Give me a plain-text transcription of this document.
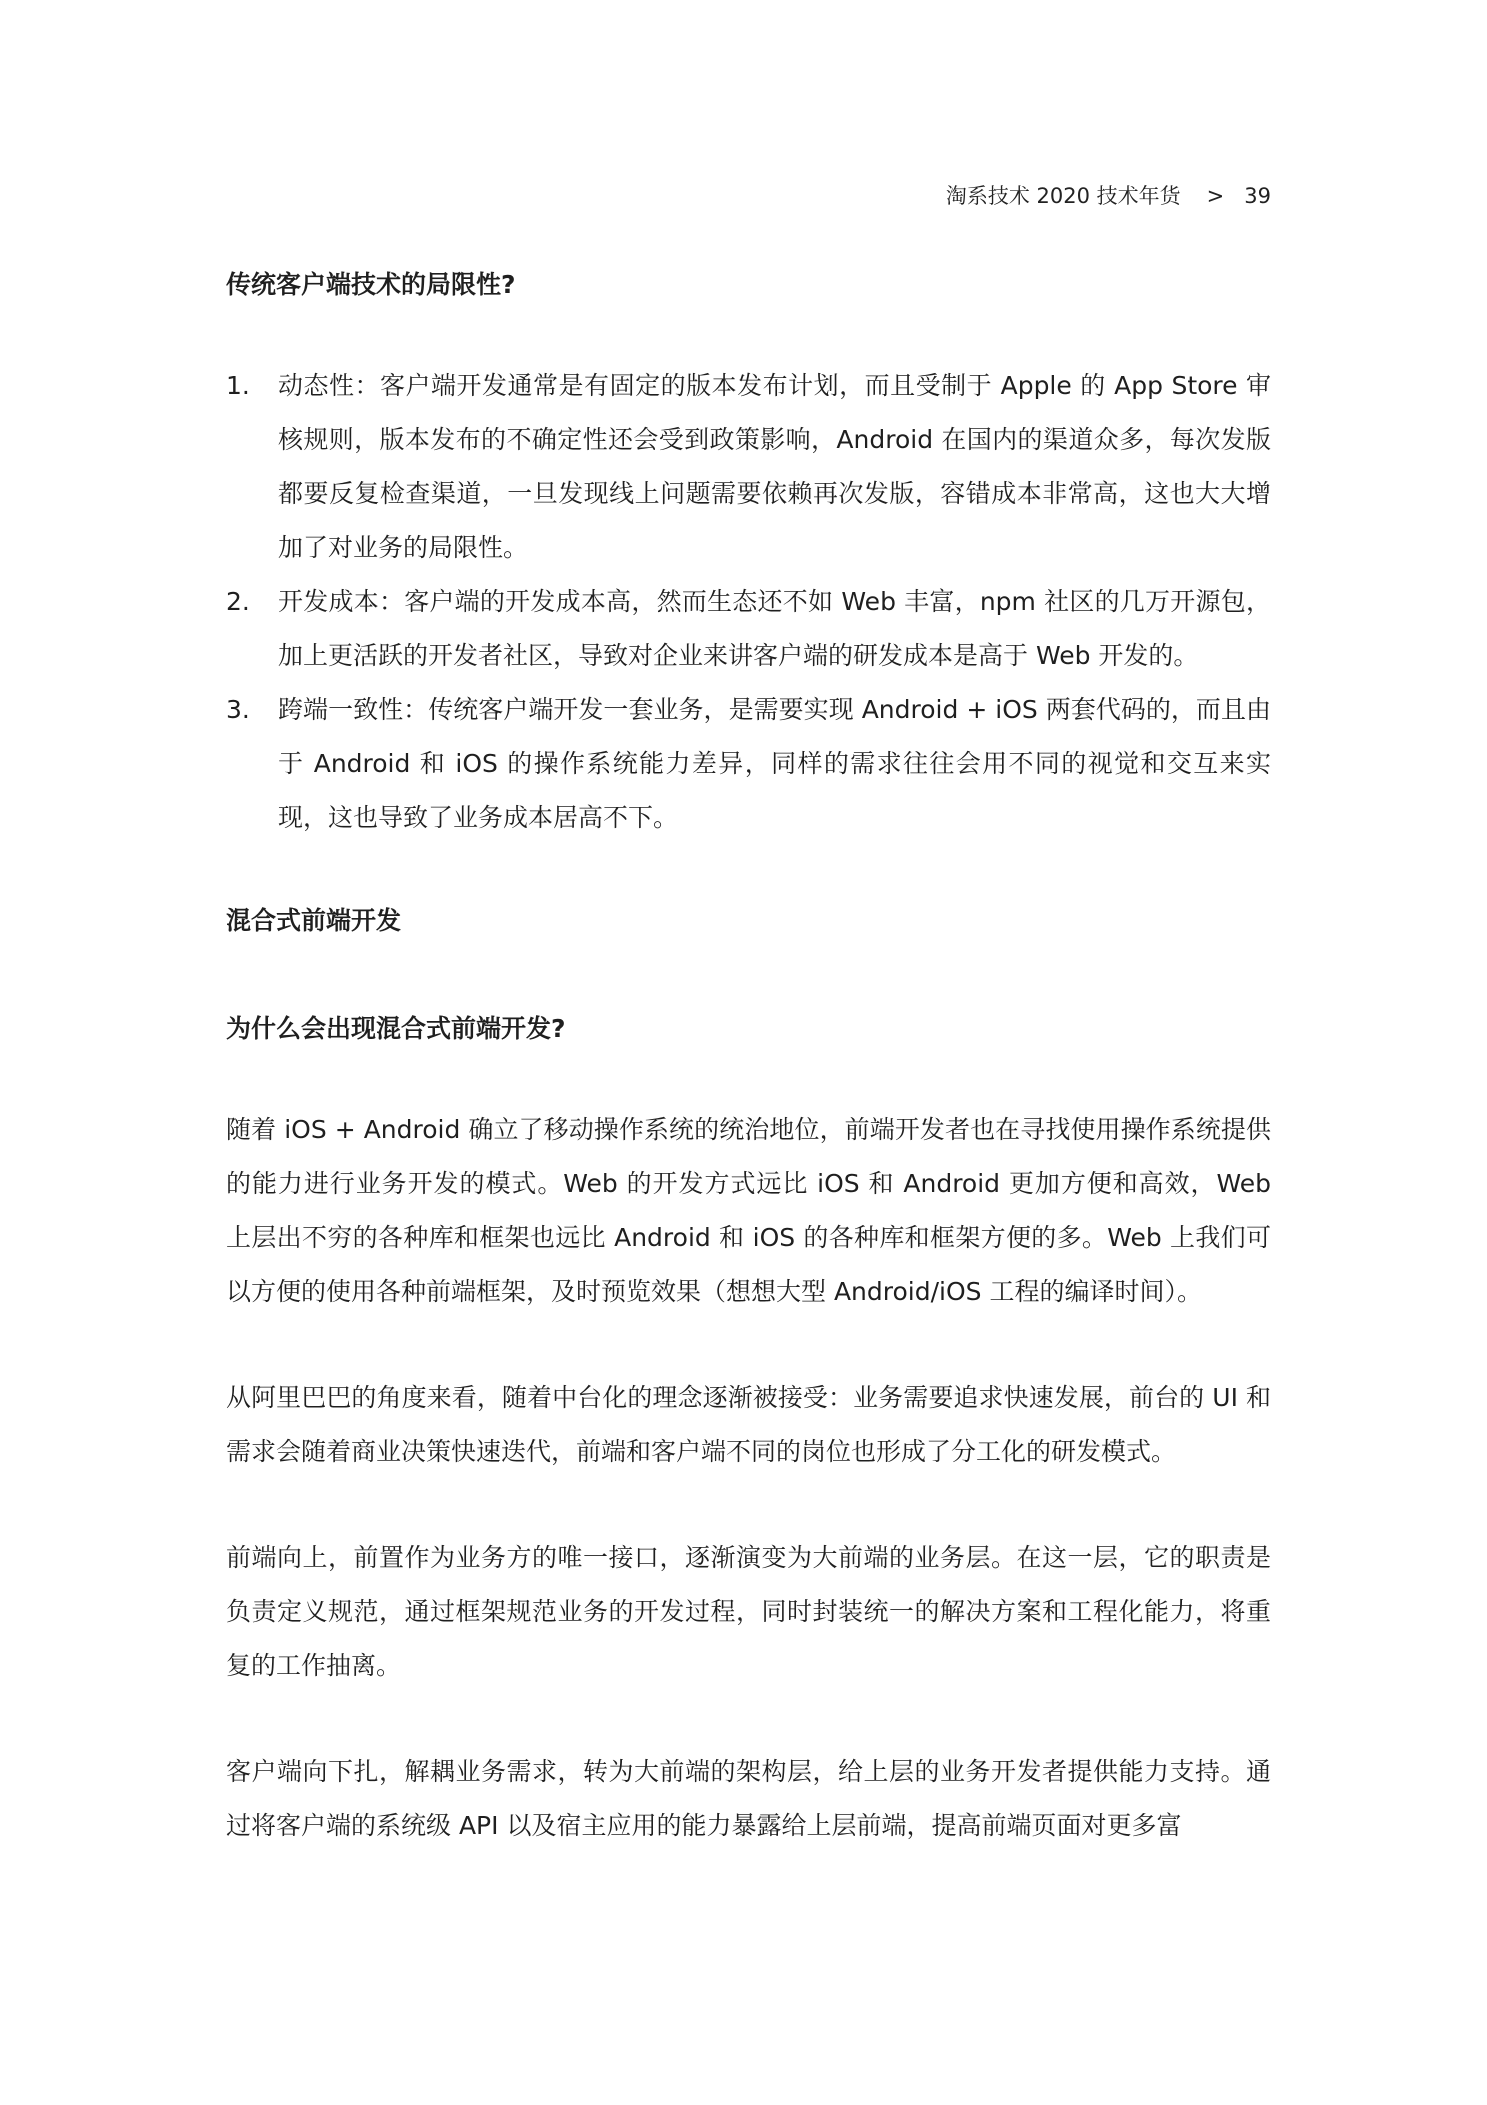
淘系技术 2020 技术年货 > 39
传统客户端技术的局限性?
1. 动态性：客户端开发通常是有固定的版本发布计划，而且受制于 Apple 的 App Store 审核规则，版本发布的不确定性还会受到政策影响，Android 在国内的渠道众多，每次发版都要反复检查渠道，一旦发现线上问题需要依赖再次发版，容错成本非常高，这也大大增加了对业务的局限性。

2. 开发成本：客户端的开发成本高，然而生态还不如 Web 丰富，npm 社区的几万开源包，加上更活跃的开发者社区，导致对企业来讲客户端的研发成本是高于 Web 开发的。

3. 跨端一致性：传统客户端开发一套业务，是需要实现 Android + iOS 两套代码的，而且由于 Android 和 iOS 的操作系统能力差异，同样的需求往往会用不同的视觉和交互来实现，这也导致了业务成本居高不下。

混合式前端开发
为什么会出现混合式前端开发?

随着 iOS + Android 确立了移动操作系统的统治地位，前端开发者也在寻找使用操作系统提供的能力进行业务开发的模式。Web 的开发方式远比 iOS 和 Android 更加方便和高效，Web 上层出不穷的各种库和框架也远比 Android 和 iOS 的各种库和框架方便的多。Web 上我们可以方便的使用各种前端框架，及时预览效果（想想大型 Android/iOS 工程的编译时间）。

从阿里巴巴的角度来看，随着中台化的理念逐渐被接受：业务需要追求快速发展，前台的 UI 和需求会随着商业决策快速迭代，前端和客户端不同的岗位也形成了分工化的研发模式。

前端向上，前置作为业务方的唯一接口，逐渐演变为大前端的业务层。在这一层，它的职责是负责定义规范，通过框架规范业务的开发过程，同时封装统一的解决方案和工程化能力，将重复的工作抽离。

客户端向下扎，解耦业务需求，转为大前端的架构层，给上层的业务开发者提供能力支持。通过将客户端的系统级 API 以及宿主应用的能力暴露给上层前端，提高前端页面对更多富
